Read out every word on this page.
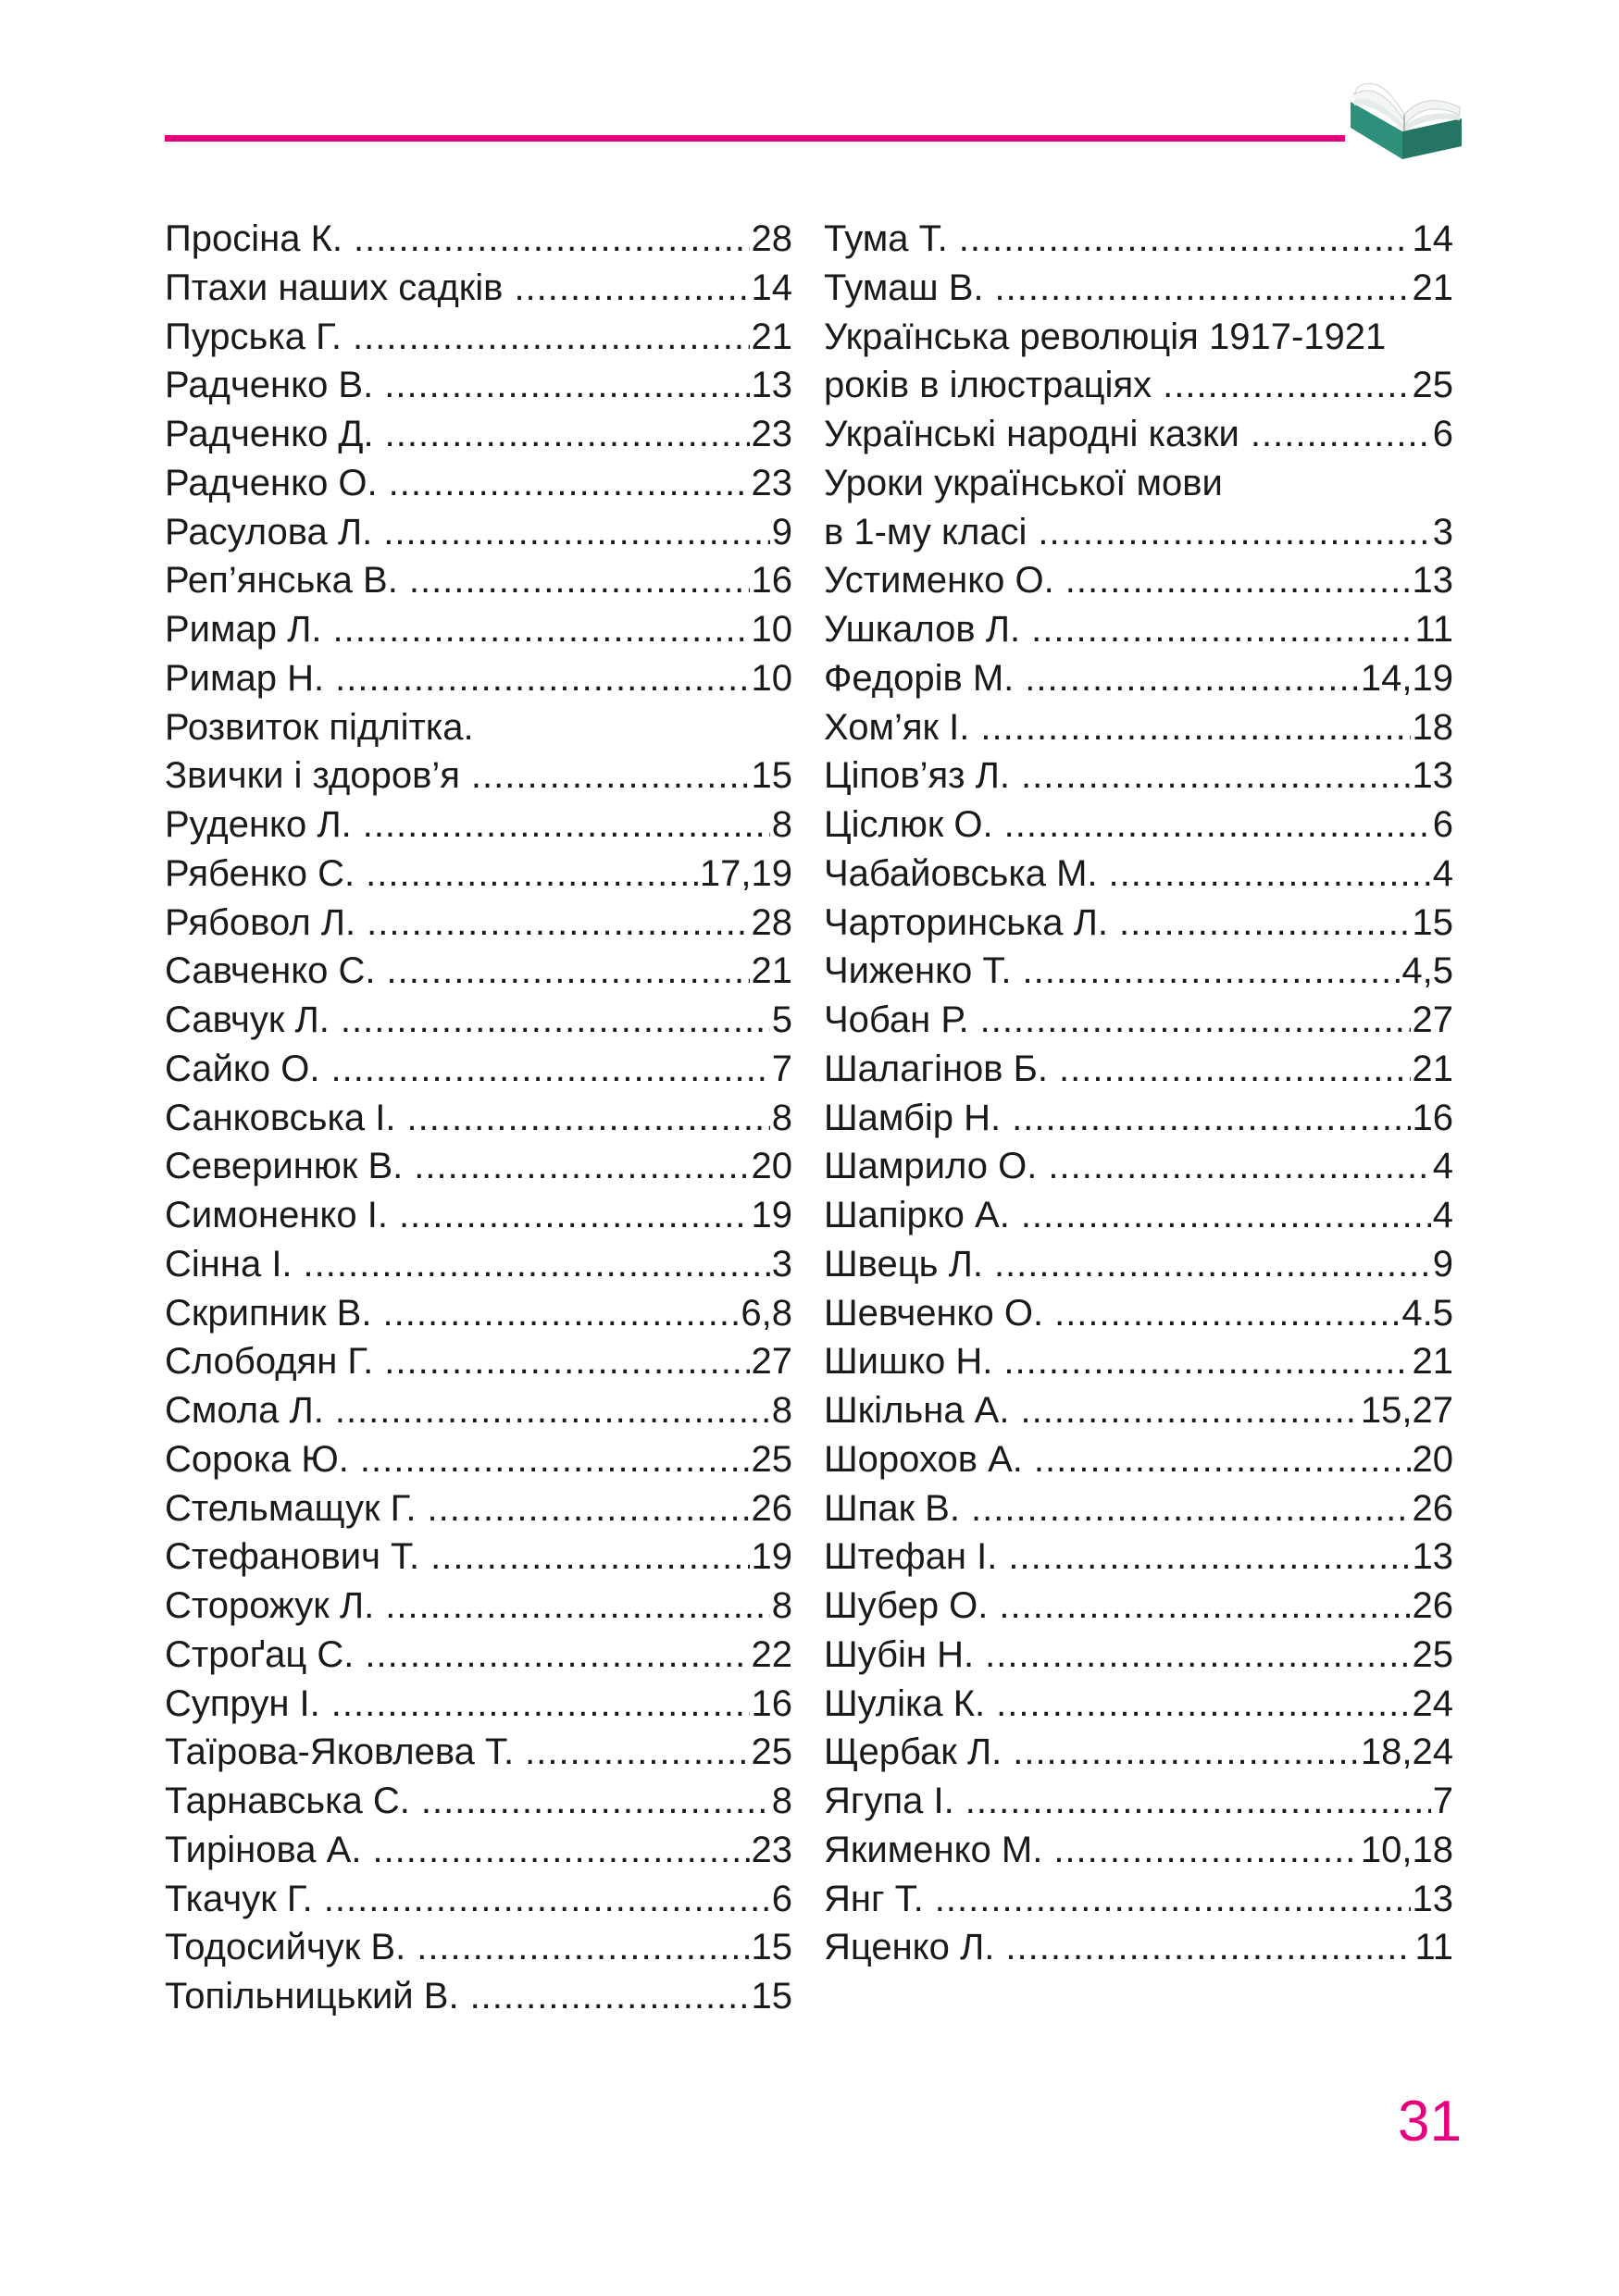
Просіна К. .....	28
Птахи наших садків .....	14
Пурська Г. .....	21
Радченко В. .....	13
Радченко Д. .....	23
Радченко О. .....	23
Расулова Л. .....	9
Реп’янська В. .....	16
Римар Л. .....	10
Римар Н. .....	10
Розвиток підлітка.
Звички і здоров’я .....	15
Руденко Л. .....	8
Рябенко С. .....	17,19
Рябовол Л. .....	28
Савченко С. .....	21
Савчук Л. .....	5
Сайко О. .....	7
Санковська І. .....	8
Северинюк В. .....	20
Симоненко І. .....	19
Сінна І. .....	3
Скрипник В. .....	6,8
Слободян Г. .....	27
Смола Л. .....	8
Сорока Ю. .....	25
Стельмащук Г. .....	26
Стефанович Т. .....	19
Сторожук Л. .....	8
Строґац С. .....	22
Супрун І. .....	16
Таїрова-Яковлева Т. .....	25
Тарнавська С. .....	8
Тирінова А. .....	23
Ткачук Г. .....	6
Тодосийчук В. .....	15
Топільницький В. .....	15
Тума Т. .....	14
Тумаш В. .....	21
Українська революція 1917-1921
років в ілюстраціях .....	25
Українські народні казки .....	6
Уроки української мови
в 1-му класі .....	3
Устименко О. .....	13
Ушкалов Л. .....	11
Федорів М. .....	14,19
Хом’як І. .....	18
Ціпов’яз Л. .....	13
Ціслюк О. .....	6
Чабайовська М. .....	4
Чарторинська Л. .....	15
Чиженко Т. .....	4,5
Чобан Р. .....	27
Шалагінов Б. .....	21
Шамбір Н. .....	16
Шамрило О. .....	4
Шапірко А. .....	4
Швець Л. .....	9
Шевченко О. .....	4.5
Шишко Н. .....	21
Шкільна А. .....	15,27
Шорохов А. .....	20
Шпак В. .....	26
Штефан І. .....	13
Шубер О. .....	26
Шубін Н. .....	25
Шуліка К. .....	24
Щербак Л. .....	18,24
Ягупа І. .....	7
Якименко М. .....	10,18
Янг Т. .....	13
Яценко Л. .....	11
31
